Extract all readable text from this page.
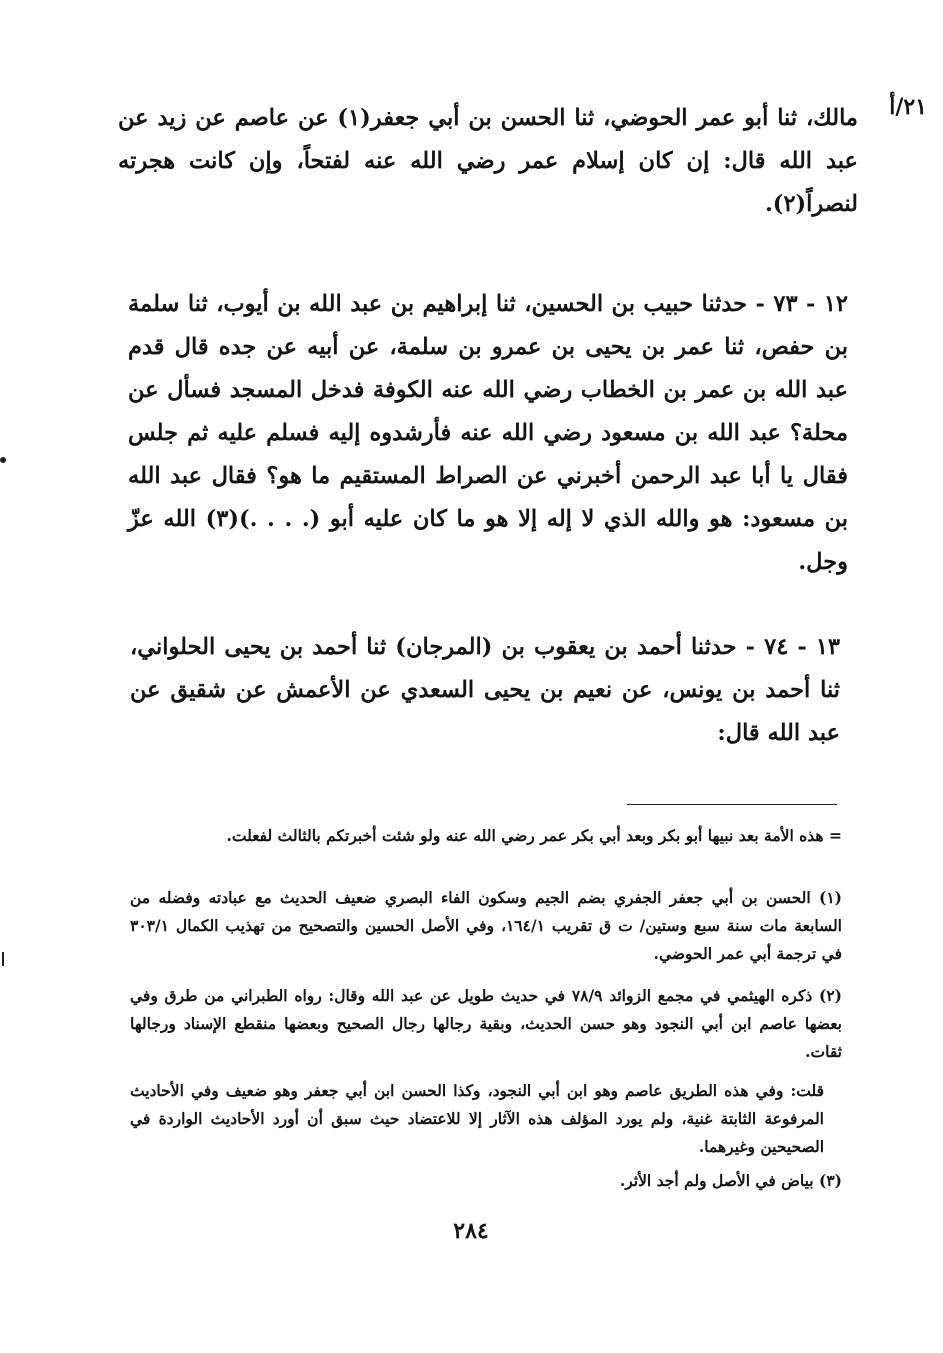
٢١/أ

مالك، ثنا أبو عمر الحوضي، ثنا الحسن بن أبي جعفر(١) عن عاصم عن زيد عن عبد الله قال: إن كان إسلام عمر رضي الله عنه لفتحاً، وإن كانت هجرته لنصراً(٢).

١٢ - ٧٣ - حدثنا حبيب بن الحسين، ثنا إبراهيم بن عبد الله بن أيوب، ثنا سلمة بن حفص، ثنا عمر بن يحيى بن عمرو بن سلمة، عن أبيه عن جده قال قدم عبد الله بن عمر بن الخطاب رضي الله عنه الكوفة فدخل المسجد فسأل عن محلة؟ عبد الله بن مسعود رضي الله عنه فأرشدوه إليه فسلم عليه ثم جلس فقال يا أبا عبد الرحمن أخبرني عن الصراط المستقيم ما هو؟ فقال عبد الله بن مسعود: هو والله الذي لا إله إلا هو ما كان عليه أبو (. . . .)(٣) الله عزّ وجل.

١٣ - ٧٤ - حدثنا أحمد بن يعقوب بن (المرجان) ثنا أحمد بن يحيى الحلواني، ثنا أحمد بن يونس، عن نعيم بن يحيى السعدي عن الأعمش عن شقيق عن عبد الله قال:

= هذه الأمة بعد نبيها أبو بكر وبعد أبي بكر عمر رضي الله عنه ولو شئت أخبرتكم بالثالث لفعلت.

(١) الحسن بن أبي جعفر الجفري بضم الجيم وسكون الفاء البصري ضعيف الحديث مع عبادته وفضله من السابعة مات سنة سبع وستين/ ت ق تقريب ١٦٤/١، وفي الأصل الحسين والتصحيح من تهذيب الكمال ٣٠٣/١ في ترجمة أبي عمر الحوضي.

(٢) ذكره الهيثمي في مجمع الزوائد ٧٨/٩ في حديث طويل عن عبد الله وقال: رواه الطبراني من طرق وفي بعضها عاصم ابن أبي النجود وهو حسن الحديث، وبقية رجالها رجال الصحيح وبعضها منقطع الإسناد ورجالها ثقات.

قلت: وفي هذه الطريق عاصم وهو ابن أبي النجود، وكذا الحسن ابن أبي جعفر وهو ضعيف وفي الأحاديث المرفوعة الثابتة غنية، ولم يورد المؤلف هذه الآثار إلا للاعتضاد حيث سبق أن أورد الأحاديث الواردة في الصحيحين وغيرهما.

(٣) بياض في الأصل ولم أجد الأثر.

٢٨٤
